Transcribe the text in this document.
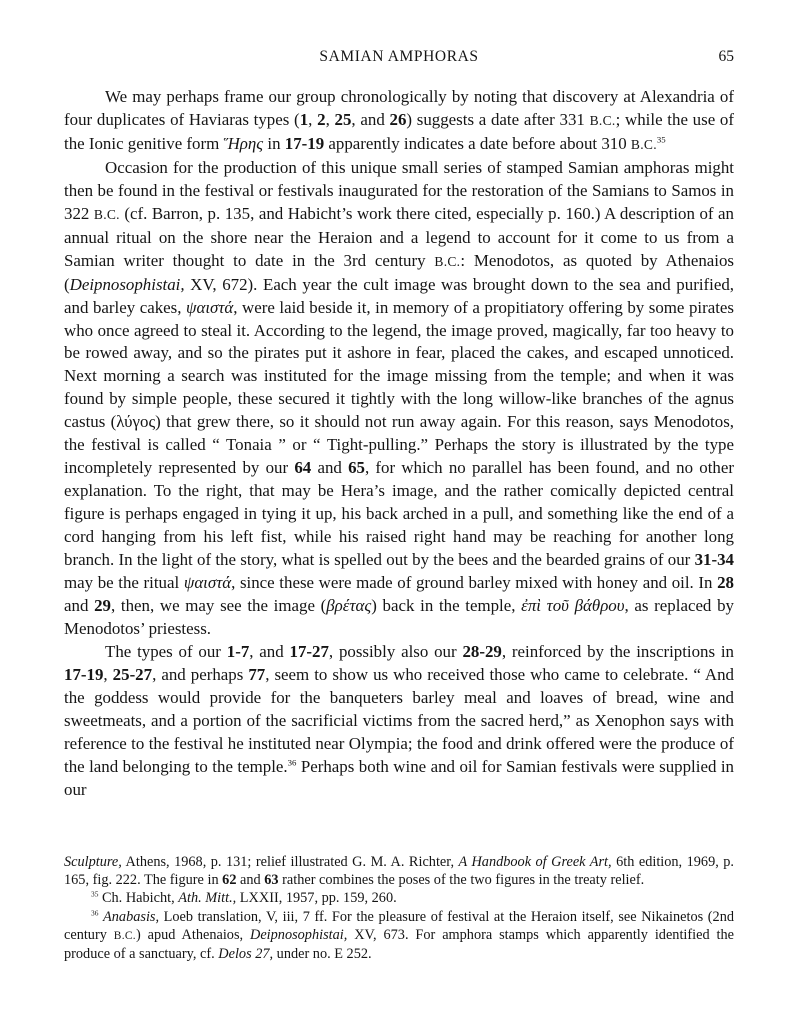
SAMIAN AMPHORAS	65

We may perhaps frame our group chronologically by noting that discovery at Alexandria of four duplicates of Haviaras types (1, 2, 25, and 26) suggests a date after 331 B.C.; while the use of the Ionic genitive form Ἥρης in 17-19 apparently indicates a date before about 310 B.C.$^{35}$

Occasion for the production of this unique small series of stamped Samian amphoras might then be found in the festival or festivals inaugurated for the restoration of the Samians to Samos in 322 B.C. (cf. Barron, p. 135, and Habicht’s work there cited, especially p. 160.) A description of an annual ritual on the shore near the Heraion and a legend to account for it come to us from a Samian writer thought to date in the 3rd century B.C.: Menodotos, as quoted by Athenaios (Deipnosophistai, XV, 672). Each year the cult image was brought down to the sea and purified, and barley cakes, ψαιστά, were laid beside it, in memory of a propitiatory offering by some pirates who once agreed to steal it. According to the legend, the image proved, magically, far too heavy to be rowed away, and so the pirates put it ashore in fear, placed the cakes, and escaped unnoticed. Next morning a search was instituted for the image missing from the temple; and when it was found by simple people, these secured it tightly with the long willow-like branches of the agnus castus (λύγος) that grew there, so it should not run away again. For this reason, says Menodotos, the festival is called “ Tonaia ” or “ Tight-pulling.” Perhaps the story is illustrated by the type incompletely represented by our 64 and 65, for which no parallel has been found, and no other explanation. To the right, that may be Hera’s image, and the rather comically depicted central figure is perhaps engaged in tying it up, his back arched in a pull, and something like the end of a cord hanging from his left fist, while his raised right hand may be reaching for another long branch. In the light of the story, what is spelled out by the bees and the bearded grains of our 31-34 may be the ritual ψαιστά, since these were made of ground barley mixed with honey and oil. In 28 and 29, then, we may see the image (βρέτας) back in the temple, ἐπὶ τοῦ βάθρου, as replaced by Menodotos’ priestess.

The types of our 1-7, and 17-27, possibly also our 28-29, reinforced by the inscriptions in 17-19, 25-27, and perhaps 77, seem to show us who received those who came to celebrate. “ And the goddess would provide for the banqueters barley meal and loaves of bread, wine and sweetmeats, and a portion of the sacrificial victims from the sacred herd,” as Xenophon says with reference to the festival he instituted near Olympia; the food and drink offered were the produce of the land belonging to the temple.$^{36}$ Perhaps both wine and oil for Samian festivals were supplied in our

Sculpture, Athens, 1968, p. 131; relief illustrated G. M. A. Richter, A Handbook of Greek Art, 6th edition, 1969, p. 165, fig. 222. The figure in 62 and 63 rather combines the poses of the two figures in the treaty relief.

$^{35}$ Ch. Habicht, Ath. Mitt., LXXII, 1957, pp. 159, 260.

$^{36}$ Anabasis, Loeb translation, V, iii, 7 ff. For the pleasure of festival at the Heraion itself, see Nikainetos (2nd century B.C.) apud Athenaios, Deipnosophistai, XV, 673. For amphora stamps which apparently identified the produce of a sanctuary, cf. Delos 27, under no. E 252.
